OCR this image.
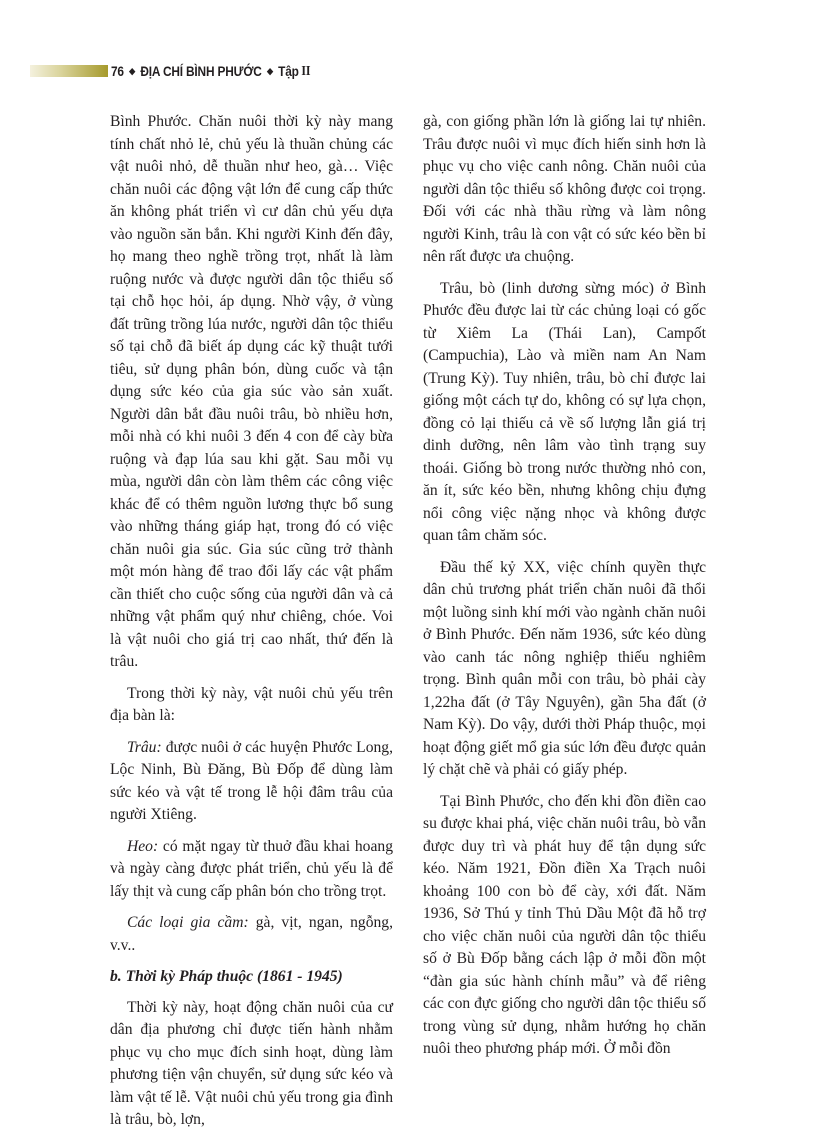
76 ◆ ĐỊA CHÍ BÌNH PHƯỚC ◆ Tập II

Bình Phước. Chăn nuôi thời kỳ này mang tính chất nhỏ lẻ, chủ yếu là thuần chủng các vật nuôi nhỏ, dễ thuần như heo, gà… Việc chăn nuôi các động vật lớn để cung cấp thức ăn không phát triển vì cư dân chủ yếu dựa vào nguồn săn bắn. Khi người Kinh đến đây, họ mang theo nghề trồng trọt, nhất là làm ruộng nước và được người dân tộc thiểu số tại chỗ học hỏi, áp dụng. Nhờ vậy, ở vùng đất trũng trồng lúa nước, người dân tộc thiểu số tại chỗ đã biết áp dụng các kỹ thuật tưới tiêu, sử dụng phân bón, dùng cuốc và tận dụng sức kéo của gia súc vào sản xuất. Người dân bắt đầu nuôi trâu, bò nhiều hơn, mỗi nhà có khi nuôi 3 đến 4 con để cày bừa ruộng và đạp lúa sau khi gặt. Sau mỗi vụ mùa, người dân còn làm thêm các công việc khác để có thêm nguồn lương thực bổ sung vào những tháng giáp hạt, trong đó có việc chăn nuôi gia súc. Gia súc cũng trở thành một món hàng để trao đổi lấy các vật phẩm cần thiết cho cuộc sống của người dân và cả những vật phẩm quý như chiêng, chóe. Voi là vật nuôi cho giá trị cao nhất, thứ đến là trâu.

Trong thời kỳ này, vật nuôi chủ yếu trên địa bàn là:

Trâu: được nuôi ở các huyện Phước Long, Lộc Ninh, Bù Đăng, Bù Đốp để dùng làm sức kéo và vật tế trong lễ hội đâm trâu của người Xtiêng.

Heo: có mặt ngay từ thuở đầu khai hoang và ngày càng được phát triển, chủ yếu là để lấy thịt và cung cấp phân bón cho trồng trọt.

Các loại gia cầm: gà, vịt, ngan, ngỗng, v.v..

b. Thời kỳ Pháp thuộc (1861 - 1945)

Thời kỳ này, hoạt động chăn nuôi của cư dân địa phương chỉ được tiến hành nhằm phục vụ cho mục đích sinh hoạt, dùng làm phương tiện vận chuyển, sử dụng sức kéo và làm vật tế lễ. Vật nuôi chủ yếu trong gia đình là trâu, bò, lợn,

gà, con giống phần lớn là giống lai tự nhiên. Trâu được nuôi vì mục đích hiến sinh hơn là phục vụ cho việc canh nông. Chăn nuôi của người dân tộc thiểu số không được coi trọng. Đối với các nhà thầu rừng và làm nông người Kinh, trâu là con vật có sức kéo bền bỉ nên rất được ưa chuộng.

Trâu, bò (linh dương sừng móc) ở Bình Phước đều được lai từ các chủng loại có gốc từ Xiêm La (Thái Lan), Campốt (Campuchia), Lào và miền nam An Nam (Trung Kỳ). Tuy nhiên, trâu, bò chỉ được lai giống một cách tự do, không có sự lựa chọn, đồng cỏ lại thiếu cả về số lượng lẫn giá trị dinh dưỡng, nên lâm vào tình trạng suy thoái. Giống bò trong nước thường nhỏ con, ăn ít, sức kéo bền, nhưng không chịu đựng nổi công việc nặng nhọc và không được quan tâm chăm sóc.

Đầu thế kỷ XX, việc chính quyền thực dân chủ trương phát triển chăn nuôi đã thổi một luồng sinh khí mới vào ngành chăn nuôi ở Bình Phước. Đến năm 1936, sức kéo dùng vào canh tác nông nghiệp thiếu nghiêm trọng. Bình quân mỗi con trâu, bò phải cày 1,22ha đất (ở Tây Nguyên), gần 5ha đất (ở Nam Kỳ). Do vậy, dưới thời Pháp thuộc, mọi hoạt động giết mổ gia súc lớn đều được quản lý chặt chẽ và phải có giấy phép.

Tại Bình Phước, cho đến khi đồn điền cao su được khai phá, việc chăn nuôi trâu, bò vẫn được duy trì và phát huy để tận dụng sức kéo. Năm 1921, Đồn điền Xa Trạch nuôi khoảng 100 con bò để cày, xới đất. Năm 1936, Sở Thú y tỉnh Thủ Dầu Một đã hỗ trợ cho việc chăn nuôi của người dân tộc thiểu số ở Bù Đốp bằng cách lập ở mỗi đồn một “đàn gia súc hành chính mẫu” và để riêng các con đực giống cho người dân tộc thiểu số trong vùng sử dụng, nhằm hướng họ chăn nuôi theo phương pháp mới. Ở mỗi đồn
